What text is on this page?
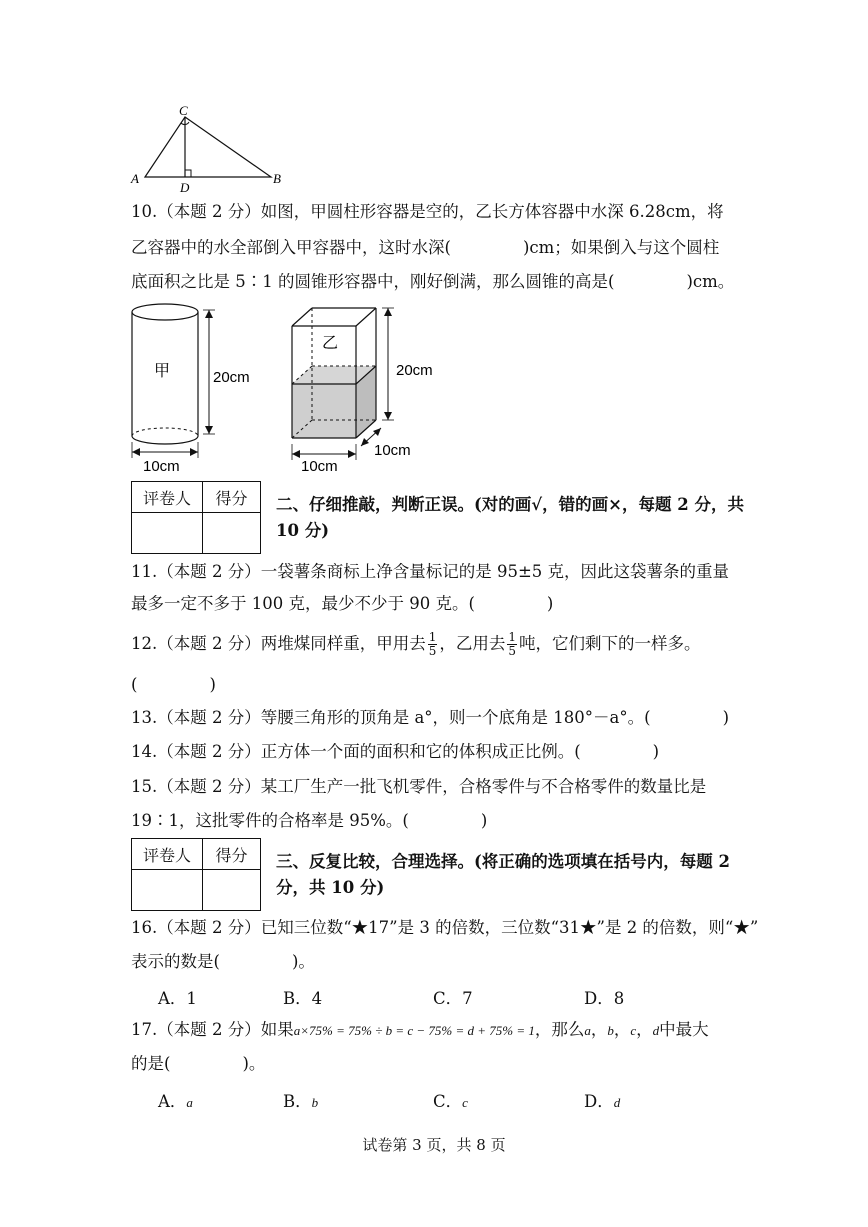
A	B
C
D
10.（本题 2 分）如图，甲圆柱形容器是空的，乙长方体容器中水深 6.28cm，将
乙容器中的水全部倒入甲容器中，这时水深(	)cm；如果倒入与这个圆柱
底面积之比是 5∶1 的圆锥形容器中，刚好倒满，那么圆锥的高是(	)cm。
甲	20cm
10cm
乙
20cm
10cm
10cm
评卷人	得分
	二、仔细推敲，判断正误。(对的画√，错的画×，每题 2 分，共 10 分)
11.（本题 2 分）一袋薯条商标上净含量标记的是 95±5 克，因此这袋薯条的重量
最多一定不多于 100 克，最少不少于 90 克。(	)
12.（本题 2 分）两堆煤同样重，甲用去 $\frac{1}{5}$ ，乙用去 $\frac{1}{5}$ 吨，它们剩下的一样多。
(	)
13.（本题 2 分）等腰三角形的顶角是 a°，则一个底角是 180°－a°。(	)
14.（本题 2 分）正方体一个面的面积和它的体积成正比例。(	)
15.（本题 2 分）某工厂生产一批飞机零件，合格零件与不合格零件的数量比是
19∶1，这批零件的合格率是 95%。(	)
评卷人	得分
	三、反复比较，合理选择。(将正确的选项填在括号内，每题 2 分，共 10 分)
16.（本题 2 分）已知三位数“★17”是 3 的倍数，三位数“31★”是 2 的倍数，则“★”
表示的数是(	)。
A．1	B．4	C．7	D．8
17.（本题 2 分）如果a×75% = 75% ÷ b = c − 75% = d + 75% = 1，那么a，b，c，d中最大
的是(	)。
A．a	B．b	C．c	D．d
试卷第 3 页，共 8 页
